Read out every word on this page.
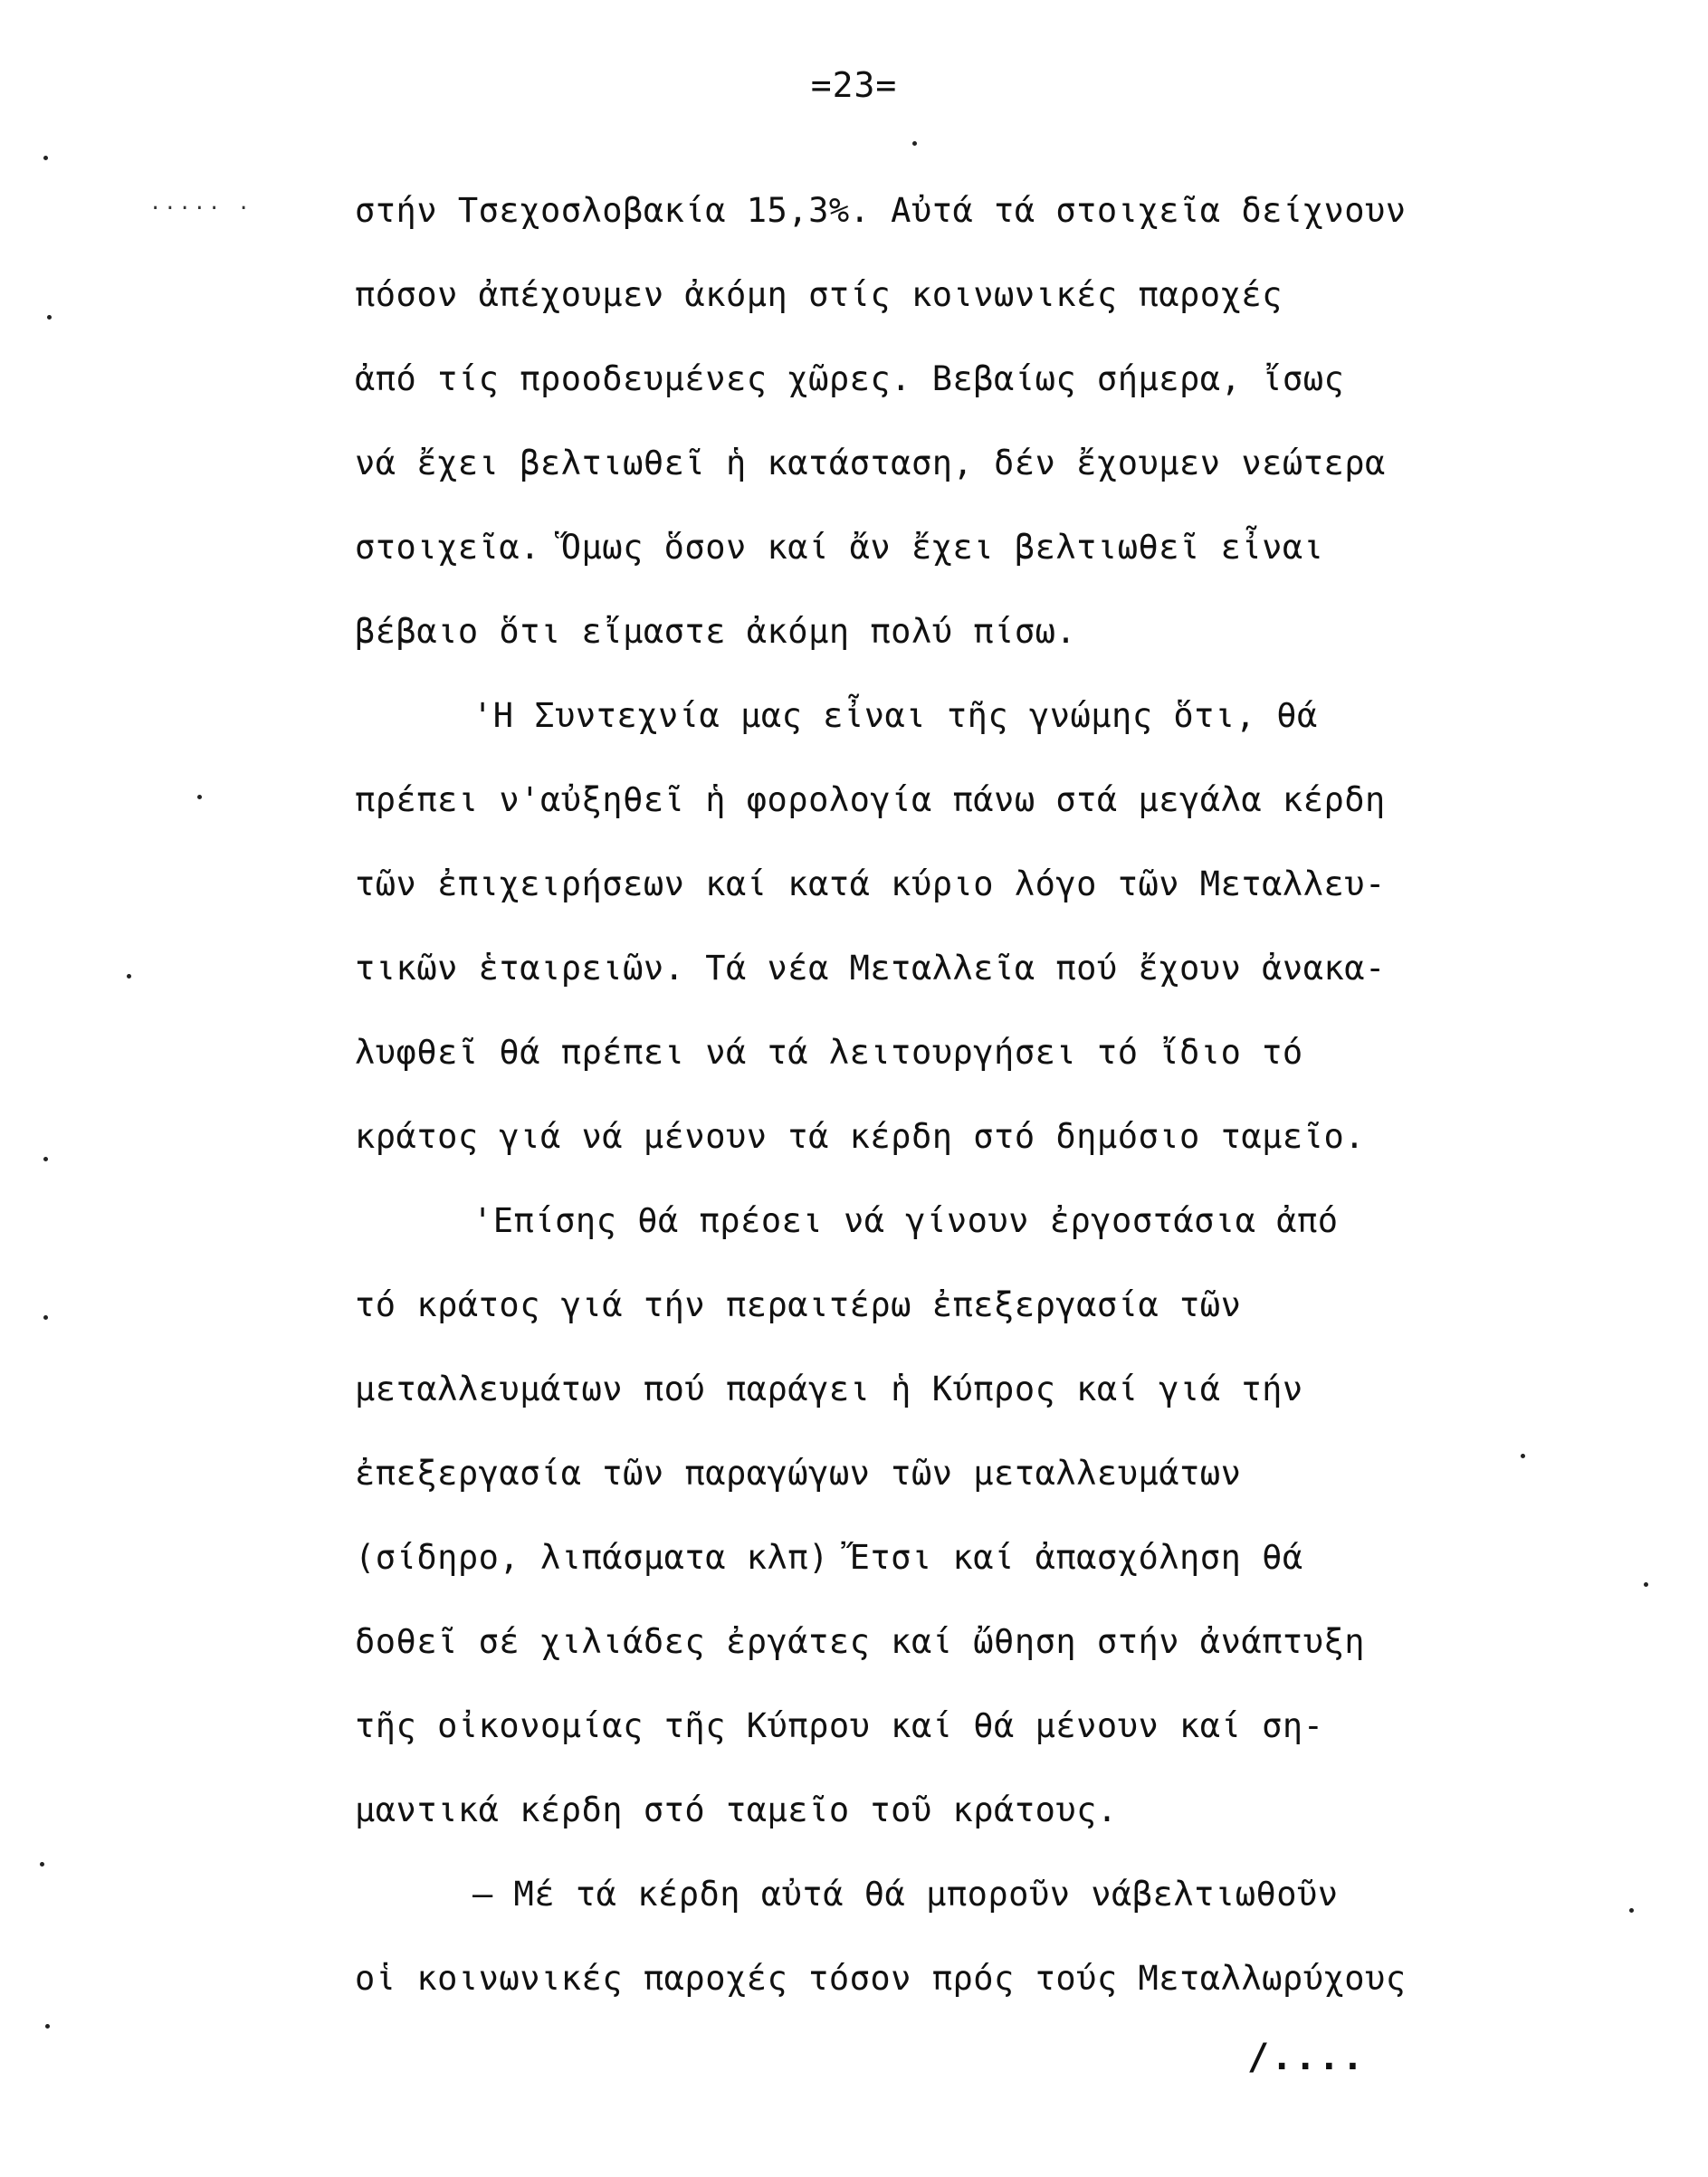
=23=
..... .	στήν Τσεχοσλοβακία 15,3%. Αὐτά τά στοιχεῖα δείχνουν
πόσον ἀπέχουμεν ἀκόμη στίς κοινωνικές παροχές
ἀπό τίς προοδευμένες χῶρες. Βεβαίως σήμερα, ἴσως
νά ἔχει βελτιωθεῖ ἡ κατάσταση, δέν ἔχουμεν νεώτερα
στοιχεῖα. Ὅμως ὅσον καί ἄν ἔχει βελτιωθεῖ εἶναι
βέβαιο ὅτι εἴμαστε ἀκόμη πολύ πίσω.
'Η Συντεχνία μας εἶναι τῆς γνώμης ὅτι, θά
πρέπει ν'αὐξηθεῖ ἡ φορολογία πάνω στά μεγάλα κέρδη
τῶν ἐπιχειρήσεων καί κατά κύριο λόγο τῶν Μεταλλευ-
τικῶν ἑταιρειῶν. Τά νέα Μεταλλεῖα πού ἔχουν ἀνακα-
λυφθεῖ θά πρέπει νά τά λειτουργήσει τό ἴδιο τό
κράτος γιά νά μένουν τά κέρδη στό δημόσιο ταμεῖο.
'Επίσης θά πρέοει νά γίνουν ἐργοστάσια ἀπό
τό κράτος γιά τήν περαιτέρω ἐπεξεργασία τῶν
μεταλλευμάτων πού παράγει ἡ Κύπρος καί γιά τήν
ἐπεξεργασία τῶν παραγώγων τῶν μεταλλευμάτων
(σίδηρο, λιπάσματα κλπ) Ἔτσι καί ἀπασχόληση θά
δοθεῖ σέ χιλιάδες ἐργάτες καί ὤθηση στήν ἀνάπτυξη
τῆς οἰκονομίας τῆς Κύπρου καί θά μένουν καί ση-
μαντικά κέρδη στό ταμεῖο τοῦ κράτους.
– Μέ τά κέρδη αὐτά θά μποροῦν νάβελτιωθοῦν
οἱ κοινωνικές παροχές τόσον πρός τούς Μεταλλωρύχους
/....
